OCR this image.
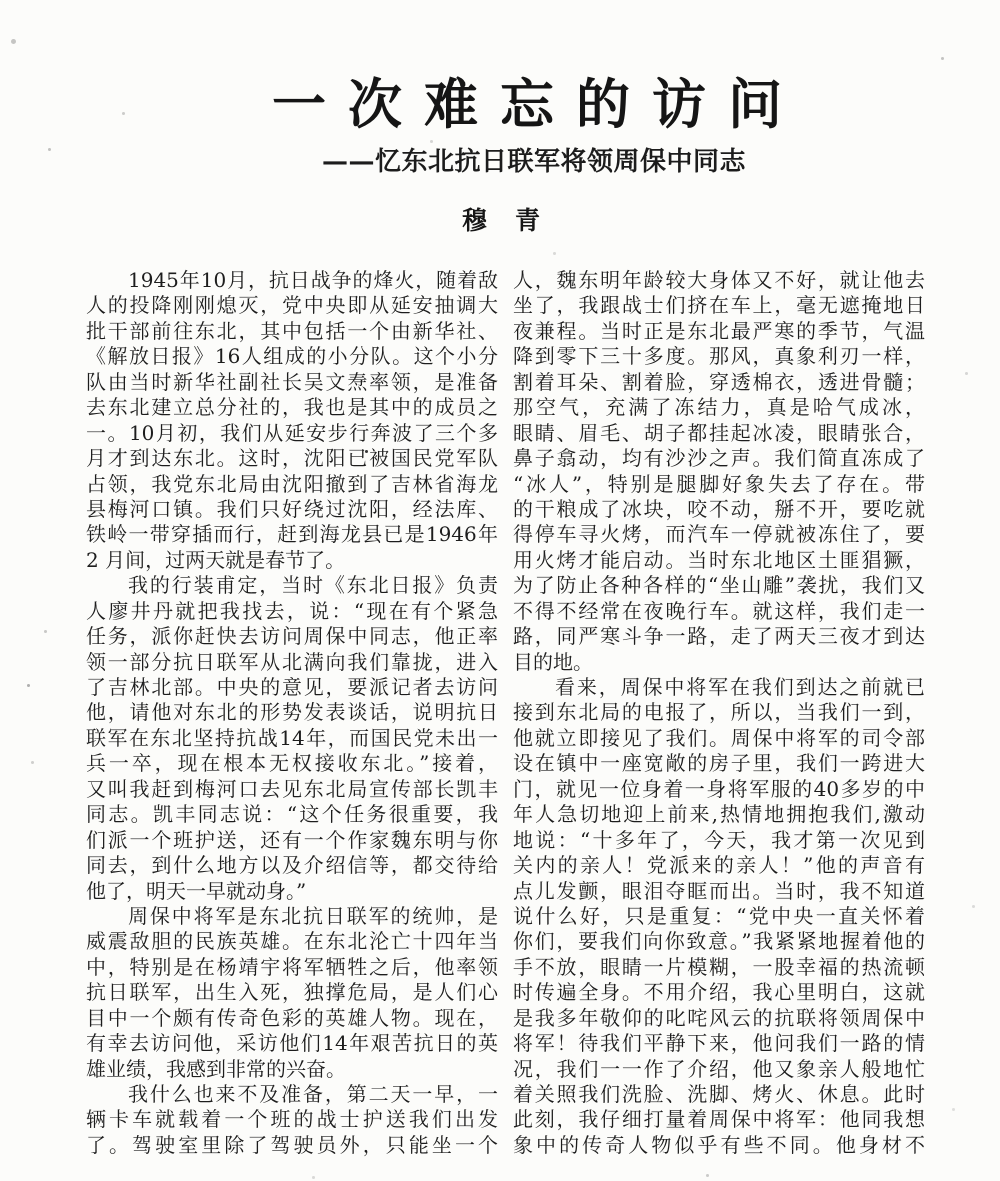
一次难忘的访问
——忆东北抗日联军将领周保中同志
穆青
1945年10月，抗日战争的烽火，随着敌
人的投降刚刚熄灭，党中央即从延安抽调大
批干部前往东北，其中包括一个由新华社、
《解放日报》16人组成的小分队。这个小分
队由当时新华社副社长吴文焘率领，是准备
去东北建立总分社的，我也是其中的成员之
一。10月初，我们从延安步行奔波了三个多
月才到达东北。这时，沈阳已被国民党军队
占领，我党东北局由沈阳撤到了吉林省海龙
县梅河口镇。我们只好绕过沈阳，经法库、
铁岭一带穿插而行，赶到海龙县已是1946年
2 月间，过两天就是春节了。
我的行装甫定，当时《东北日报》负责
人廖井丹就把我找去，说：“现在有个紧急
任务，派你赶快去访问周保中同志，他正率
领一部分抗日联军从北满向我们靠拢，进入
了吉林北部。中央的意见，要派记者去访问
他，请他对东北的形势发表谈话，说明抗日
联军在东北坚持抗战14年，而国民党未出一
兵一卒，现在根本无权接收东北。”接着，
又叫我赶到梅河口去见东北局宣传部长凯丰
同志。凯丰同志说：“这个任务很重要，我
们派一个班护送，还有一个作家魏东明与你
同去，到什么地方以及介绍信等，都交待给
他了，明天一早就动身。”
周保中将军是东北抗日联军的统帅，是
威震敌胆的民族英雄。在东北沦亡十四年当
中，特别是在杨靖宇将军牺牲之后，他率领
抗日联军，出生入死，独撑危局，是人们心
目中一个颇有传奇色彩的英雄人物。现在，
有幸去访问他，采访他们14年艰苦抗日的英
雄业绩，我感到非常的兴奋。
我什么也来不及准备，第二天一早，一
辆卡车就载着一个班的战士护送我们出发
了。驾驶室里除了驾驶员外，只能坐一个
人，魏东明年龄较大身体又不好，就让他去
坐了，我跟战士们挤在车上，毫无遮掩地日
夜兼程。当时正是东北最严寒的季节，气温
降到零下三十多度。那风，真象利刃一样，
割着耳朵、割着脸，穿透棉衣，透进骨髓；
那空气，充满了冻结力，真是哈气成冰，
眼睛、眉毛、胡子都挂起冰凌，眼睛张合，
鼻子翕动，均有沙沙之声。我们简直冻成了
“冰人”，特别是腿脚好象失去了存在。带
的干粮成了冰块，咬不动，掰不开，要吃就
得停车寻火烤，而汽车一停就被冻住了，要
用火烤才能启动。当时东北地区土匪猖獗，
为了防止各种各样的“坐山雕”袭扰，我们又
不得不经常在夜晚行车。就这样，我们走一
路，同严寒斗争一路，走了两天三夜才到达
目的地。
看来，周保中将军在我们到达之前就已
接到东北局的电报了，所以，当我们一到，
他就立即接见了我们。周保中将军的司令部
设在镇中一座宽敞的房子里，我们一跨进大
门，就见一位身着一身将军服的40多岁的中
年人急切地迎上前来,热情地拥抱我们,激动
地说：“十多年了，今天，我才第一次见到
关内的亲人！党派来的亲人！”他的声音有
点儿发颤，眼泪夺眶而出。当时，我不知道
说什么好，只是重复：“党中央一直关怀着
你们，要我们向你致意。”我紧紧地握着他的
手不放，眼睛一片模糊，一股幸福的热流顿
时传遍全身。不用介绍，我心里明白，这就
是我多年敬仰的叱咤风云的抗联将领周保中
将军！待我们平静下来，他问我们一路的情
况，我们一一作了介绍，他又象亲人般地忙
着关照我们洗脸、洗脚、烤火、休息。此时
此刻，我仔细打量着周保中将军：他同我想
象中的传奇人物似乎有些不同。他身材不
